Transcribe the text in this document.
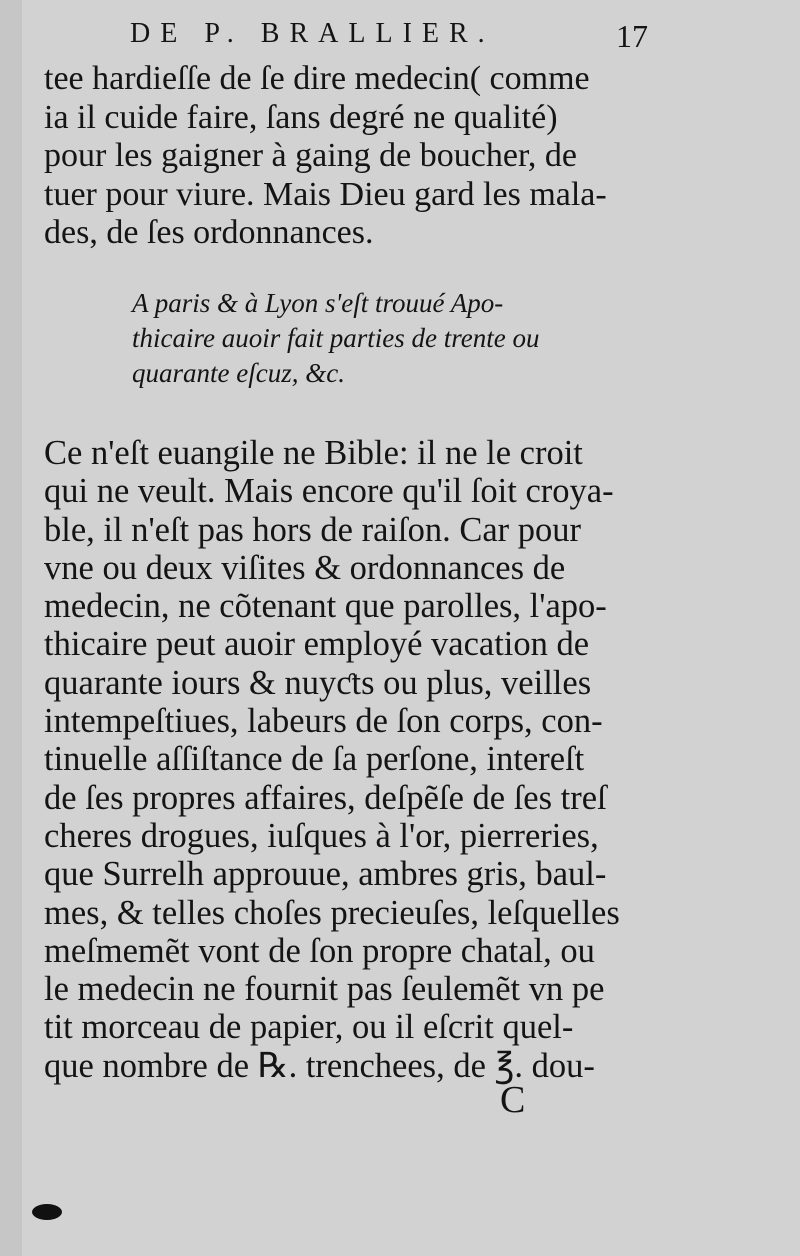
DE P. BRALLIER.	17
tee hardieſſe de ſe dire medecin( comme
ia il cuide faire, ſans degré ne qualité)
pour les gaigner à gaing de boucher, de
tuer pour viure. Mais Dieu gard les mala-
des, de ſes ordonnances.
A paris & à Lyon s'eſt trouué Apo-
thicaire auoir fait parties de trente ou
quarante eſcuz, &c.
Ce n'eſt euangile ne Bible: il ne le croit
qui ne veult. Mais encore qu'il ſoit croya-
ble, il n'eſt pas hors de raiſon. Car pour
vne ou deux viſites & ordonnances de
medecin, ne cõtenant que parolles, l'apo-
thicaire peut auoir employé vacation de
quarante iours & nuyƈts ou plus, veilles
intempeſtiues, labeurs de ſon corps, con-
tinuelle aſſiſtance de ſa perſone, intereſt
de ſes propres affaires, deſpẽſe de ſes treſ
cheres drogues, iuſques à l'or, pierreries,
que Surrelh approuue, ambres gris, baul-
mes, & telles choſes precieuſes, leſquelles
meſmemẽt vont de ſon propre chatal, ou
le medecin ne fournit pas ſeulemẽt vn pe
tit morceau de papier, ou il eſcrit quel-
que nombre de ℞. trenchees, de ℥. dou-
C
